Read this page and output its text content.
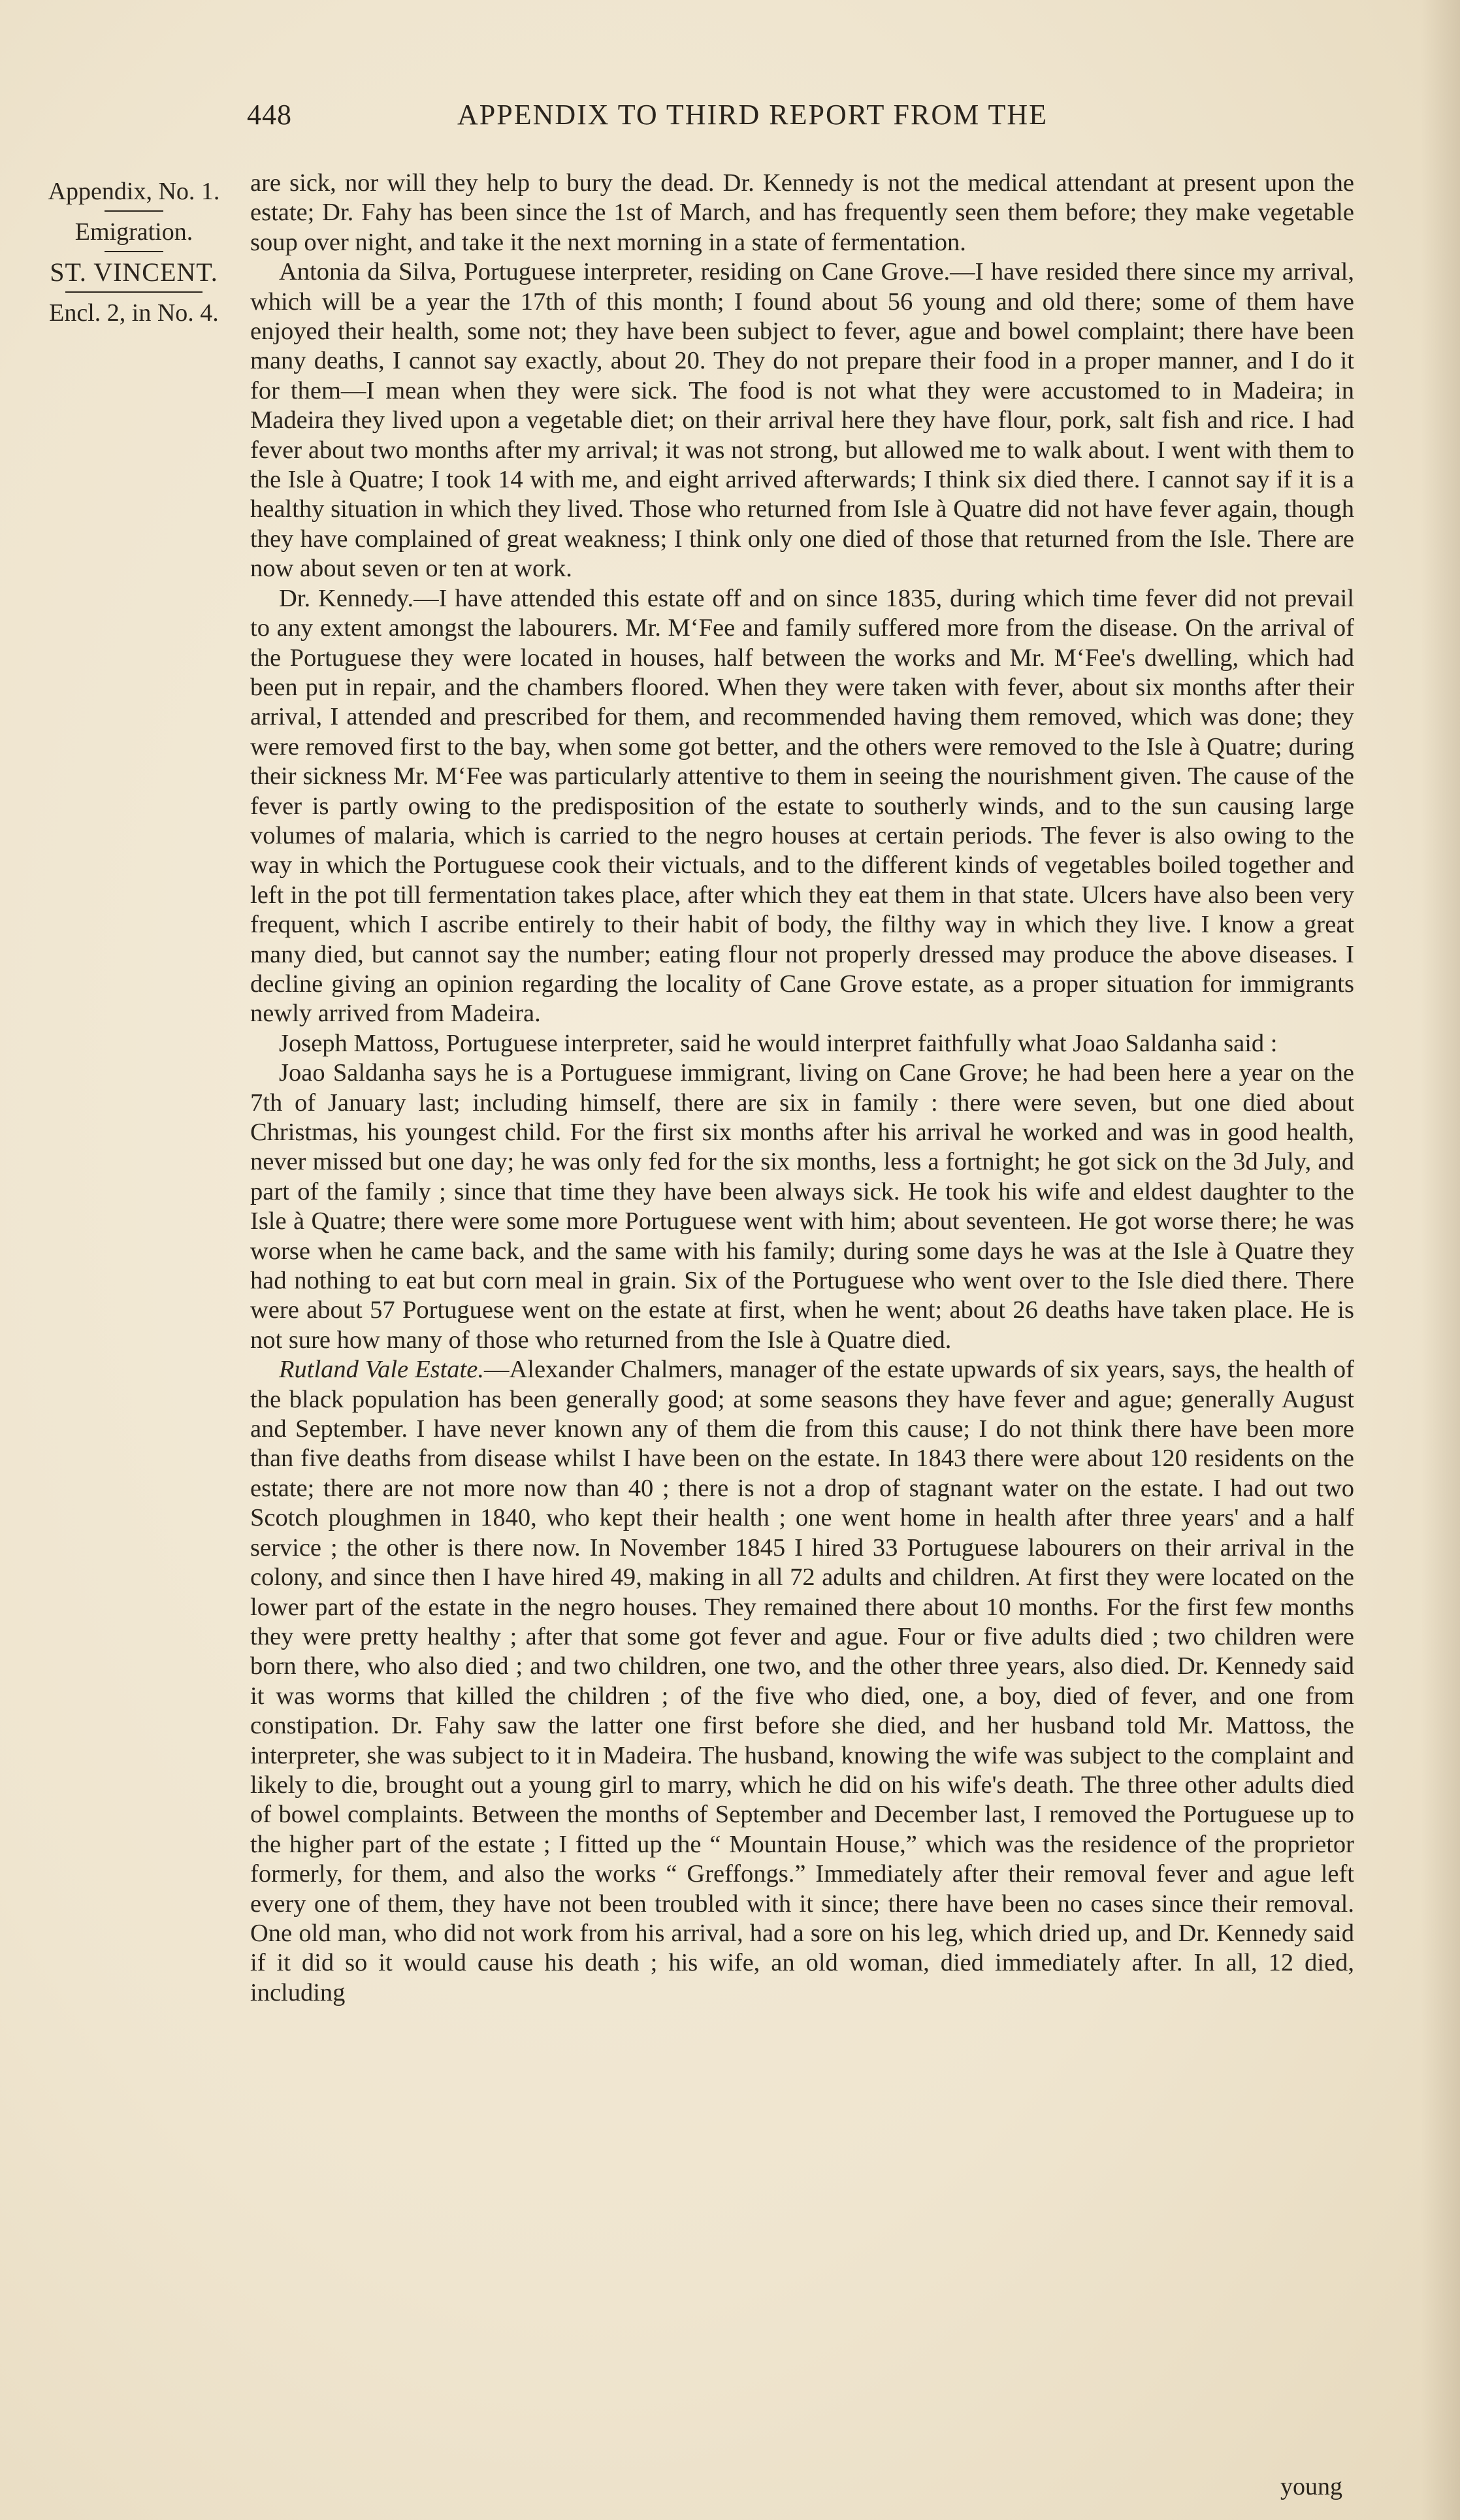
448	APPENDIX TO THIRD REPORT FROM THE
Appendix, No. 1.
Emigration.
ST. VINCENT.
Encl. 2, in No. 4.

are sick, nor will they help to bury the dead. Dr. Kennedy is not the medical attendant at present upon the estate; Dr. Fahy has been since the 1st of March, and has frequently seen them before; they make vegetable soup over night, and take it the next morning in a state of fermentation.

Antonia da Silva, Portuguese interpreter, residing on Cane Grove.—I have resided there since my arrival, which will be a year the 17th of this month; I found about 56 young and old there; some of them have enjoyed their health, some not; they have been subject to fever, ague and bowel complaint; there have been many deaths, I cannot say exactly, about 20. They do not prepare their food in a proper manner, and I do it for them—I mean when they were sick. The food is not what they were accustomed to in Madeira; in Madeira they lived upon a vegetable diet; on their arrival here they have flour, pork, salt fish and rice. I had fever about two months after my arrival; it was not strong, but allowed me to walk about. I went with them to the Isle à Quatre; I took 14 with me, and eight arrived afterwards; I think six died there. I cannot say if it is a healthy situation in which they lived. Those who returned from Isle à Quatre did not have fever again, though they have complained of great weakness; I think only one died of those that returned from the Isle. There are now about seven or ten at work.

Dr. Kennedy.—I have attended this estate off and on since 1835, during which time fever did not prevail to any extent amongst the labourers. Mr. M‘Fee and family suffered more from the disease. On the arrival of the Portuguese they were located in houses, half between the works and Mr. M‘Fee's dwelling, which had been put in repair, and the chambers floored. When they were taken with fever, about six months after their arrival, I attended and prescribed for them, and recommended having them removed, which was done; they were removed first to the bay, when some got better, and the others were removed to the Isle à Quatre; during their sickness Mr. M‘Fee was particularly attentive to them in seeing the nourishment given. The cause of the fever is partly owing to the predisposition of the estate to southerly winds, and to the sun causing large volumes of malaria, which is carried to the negro houses at certain periods. The fever is also owing to the way in which the Portuguese cook their victuals, and to the different kinds of vegetables boiled together and left in the pot till fermentation takes place, after which they eat them in that state. Ulcers have also been very frequent, which I ascribe entirely to their habit of body, the filthy way in which they live. I know a great many died, but cannot say the number; eating flour not properly dressed may produce the above diseases. I decline giving an opinion regarding the locality of Cane Grove estate, as a proper situation for immigrants newly arrived from Madeira.

Joseph Mattoss, Portuguese interpreter, said he would interpret faithfully what Joao Saldanha said :

Joao Saldanha says he is a Portuguese immigrant, living on Cane Grove; he had been here a year on the 7th of January last; including himself, there are six in family : there were seven, but one died about Christmas, his youngest child. For the first six months after his arrival he worked and was in good health, never missed but one day; he was only fed for the six months, less a fortnight; he got sick on the 3d July, and part of the family ; since that time they have been always sick. He took his wife and eldest daughter to the Isle à Quatre; there were some more Portuguese went with him; about seventeen. He got worse there; he was worse when he came back, and the same with his family; during some days he was at the Isle à Quatre they had nothing to eat but corn meal in grain. Six of the Portuguese who went over to the Isle died there. There were about 57 Portuguese went on the estate at first, when he went; about 26 deaths have taken place. He is not sure how many of those who returned from the Isle à Quatre died.

Rutland Vale Estate.—Alexander Chalmers, manager of the estate upwards of six years, says, the health of the black population has been generally good; at some seasons they have fever and ague; generally August and September. I have never known any of them die from this cause; I do not think there have been more than five deaths from disease whilst I have been on the estate. In 1843 there were about 120 residents on the estate; there are not more now than 40 ; there is not a drop of stagnant water on the estate. I had out two Scotch ploughmen in 1840, who kept their health ; one went home in health after three years' and a half service ; the other is there now. In November 1845 I hired 33 Portuguese labourers on their arrival in the colony, and since then I have hired 49, making in all 72 adults and children. At first they were located on the lower part of the estate in the negro houses. They remained there about 10 months. For the first few months they were pretty healthy ; after that some got fever and ague. Four or five adults died ; two children were born there, who also died ; and two children, one two, and the other three years, also died. Dr. Kennedy said it was worms that killed the children ; of the five who died, one, a boy, died of fever, and one from constipation. Dr. Fahy saw the latter one first before she died, and her husband told Mr. Mattoss, the interpreter, she was subject to it in Madeira. The husband, knowing the wife was subject to the complaint and likely to die, brought out a young girl to marry, which he did on his wife's death. The three other adults died of bowel complaints. Between the months of September and December last, I removed the Portuguese up to the higher part of the estate ; I fitted up the “ Mountain House,” which was the residence of the proprietor formerly, for them, and also the works “ Greffongs.” Immediately after their removal fever and ague left every one of them, they have not been troubled with it since; there have been no cases since their removal. One old man, who did not work from his arrival, had a sore on his leg, which dried up, and Dr. Kennedy said if it did so it would cause his death ; his wife, an old woman, died immediately after. In all, 12 died, including

young
